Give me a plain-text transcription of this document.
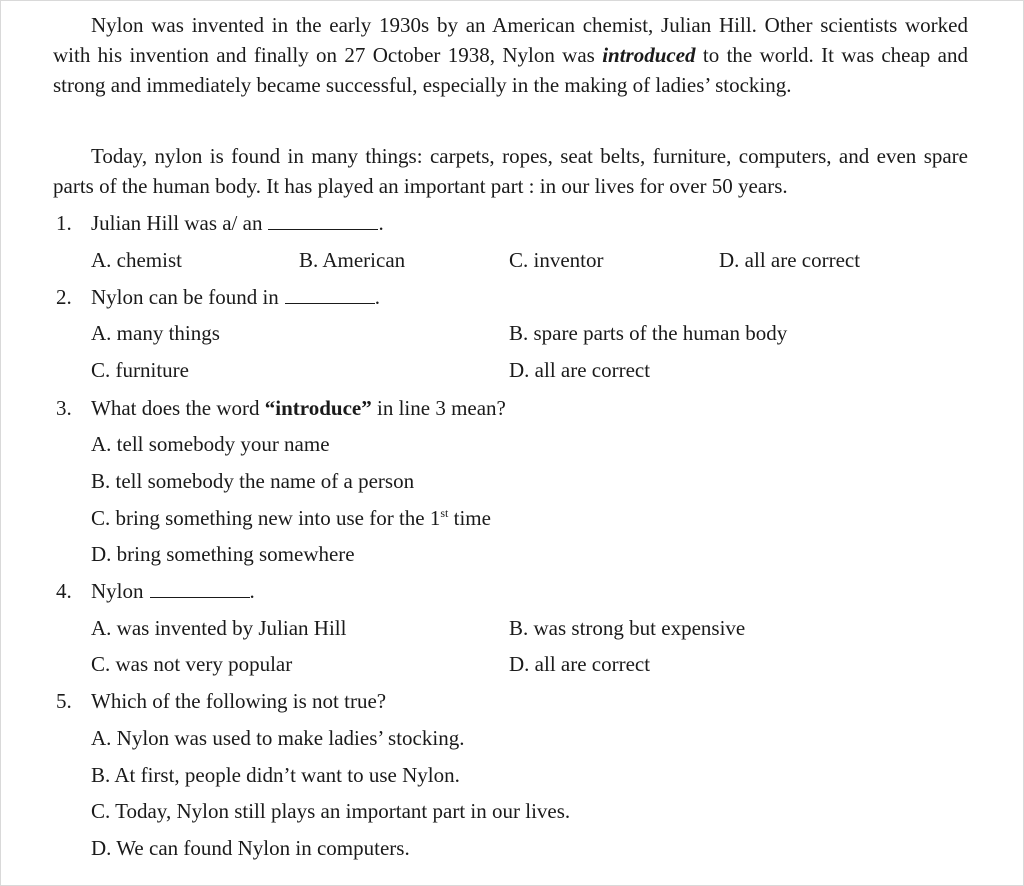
Nylon was invented in the early 1930s by an American chemist, Julian Hill. Other scientists worked with his invention and finally on 27 October 1938, Nylon was introduced to the world. It was cheap and strong and immediately became successful, especially in the making of ladies’ stocking.

Today, nylon is found in many things: carpets, ropes, seat belts, furniture, computers, and even spare parts of the human body. It has played an important part : in our lives for over 50 years.

1. Julian Hill was a/ an	.
A. chemist	B. American	C. inventor	D. all are correct
2. Nylon can be found in	.
A. many things	B. spare parts of the human body
C. furniture	D. all are correct
3. What does the word “introduce” in line 3 mean?
A. tell somebody your name
B. tell somebody the name of a person
C. bring something new into use for the 1st time
D. bring something somewhere
4. Nylon	.
A. was invented by Julian Hill	B. was strong but expensive
C. was not very popular	D. all are correct
5. Which of the following is not true?
A. Nylon was used to make ladies’ stocking.
B. At first, people didn’t want to use Nylon.
C. Today, Nylon still plays an important part in our lives.
D. We can found Nylon in computers.
